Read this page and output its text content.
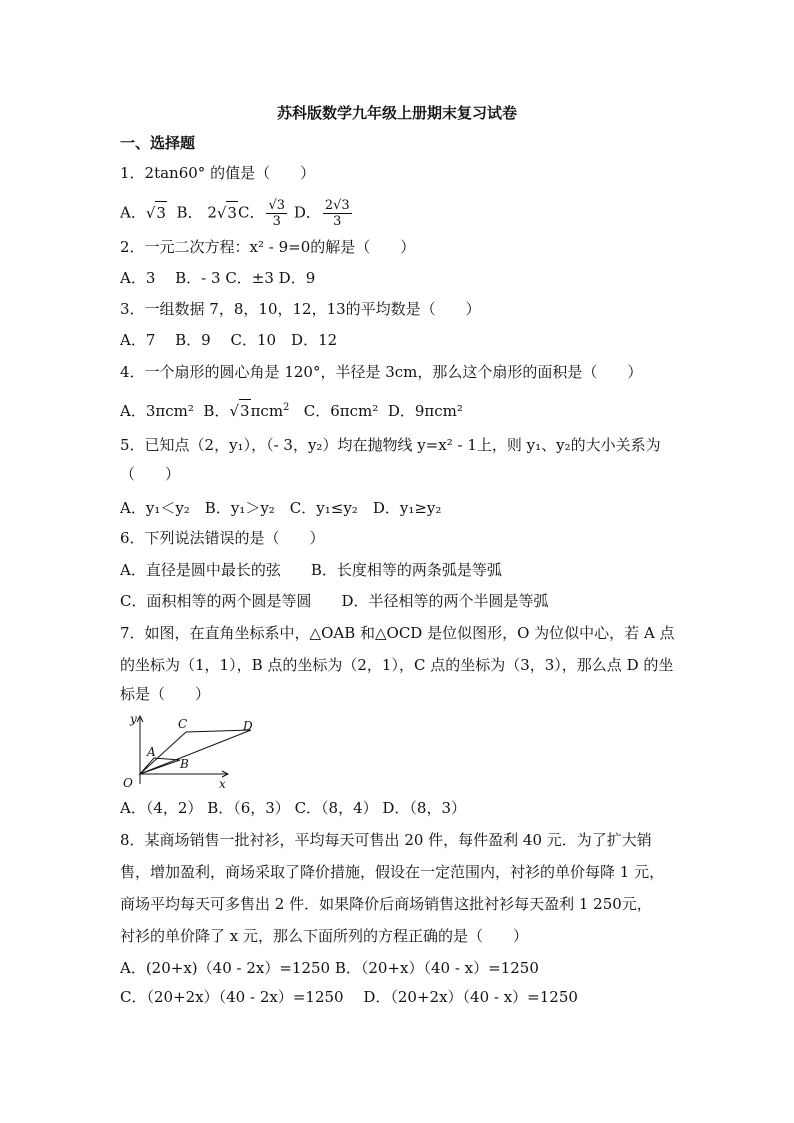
苏科版数学九年级上册期末复习试卷
一、选择题
1．2tan60° 的值是（　　）
A．√ 3 B． 2√ 3 C． $\frac{√3}{3}$ D． $\frac{2√3}{3}$
2．一元二次方程：x² - 9=0的解是（　　）
A．3　 B．- 3 C．±3 D．9
3．一组数据 7，8，10，12，13的平均数是（　　）
A．7　 B．9　 C．10　D．12
4．一个扇形的圆心角是 120°，半径是 3cm，那么这个扇形的面积是（　　）
A．3πcm² B．√ 3 πcm$^2$ C．6πcm² D．9πcm²
5．已知点（2，y₁），（- 3，y₂）均在抛物线 y=x² - 1上，则 y₁、y₂的大小关系为
（　　）
A．y₁＜y₂　B．y₁＞y₂　C．y₁≤y₂　D．y₁≥y₂
6．下列说法错误的是（　　）
A．直径是圆中最长的弦　　B．长度相等的两条弧是等弧
C．面积相等的两个圆是等圆　　D．半径相等的两个半圆是等弧
7．如图，在直角坐标系中，△OAB 和△OCD 是位似图形，O 为位似中心，若 A 点
的坐标为（1，1），B 点的坐标为（2，1），C 点的坐标为（3，3），那么点 D 的坐
标是（　　）
y
x
O
A
B
C	D
A．（4，2） B．（6，3） C．（8，4） D．（8，3）
8．某商场销售一批衬衫，平均每天可售出 20 件，每件盈利 40 元．为了扩大销
售，增加盈利，商场采取了降价措施，假设在一定范围内，衬衫的单价每降 1 元，
商场平均每天可多售出 2 件．如果降价后商场销售这批衬衫每天盈利 1 250元，
衬衫的单价降了 x 元，那么下面所列的方程正确的是（　　）
A．(20+x)（40 - 2x）=1250 B．（20+x）（40 - x）=1250
C．（20+2x）（40 - 2x）=1250　 D．（20+2x）（40 - x）=1250
